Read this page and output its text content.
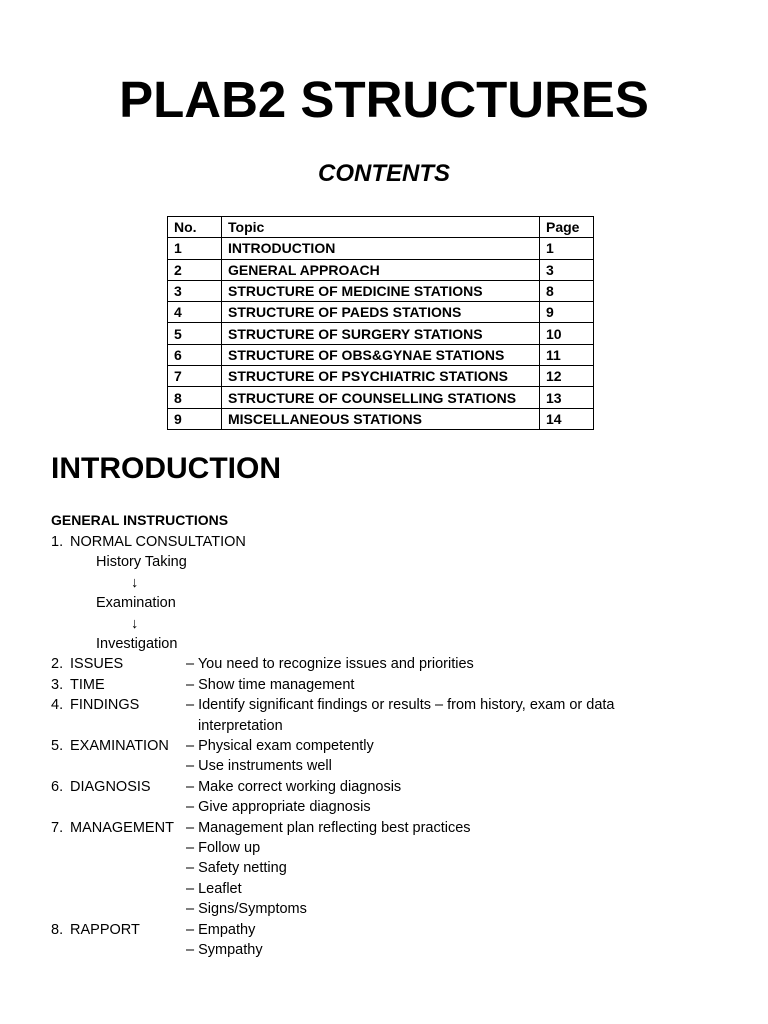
PLAB2 STRUCTURES
CONTENTS
No.	Topic	Page
1	INTRODUCTION	1
2	GENERAL APPROACH	3
3	STRUCTURE OF MEDICINE STATIONS	8
4	STRUCTURE OF PAEDS STATIONS	9
5	STRUCTURE OF SURGERY STATIONS	10
6	STRUCTURE OF OBS&GYNAE STATIONS	11
7	STRUCTURE OF PSYCHIATRIC STATIONS	12
8	STRUCTURE OF COUNSELLING STATIONS	13
9	MISCELLANEOUS STATIONS	14
INTRODUCTION
GENERAL INSTRUCTIONS
1. NORMAL CONSULTATION
History Taking
↓
Examination
↓
Investigation
2. ISSUES	– You need to recognize issues and priorities
3. TIME	– Show time management
4. FINDINGS	– Identify significant findings or results – from history, exam or data
interpretation
5. EXAMINATION – Physical exam competently
– Use instruments well
6. DIAGNOSIS – Make correct working diagnosis
– Give appropriate diagnosis
7. MANAGEMENT – Management plan reflecting best practices
– Follow up
– Safety netting
– Leaflet
– Signs/Symptoms
8. RAPPORT	– Empathy
– Sympathy
